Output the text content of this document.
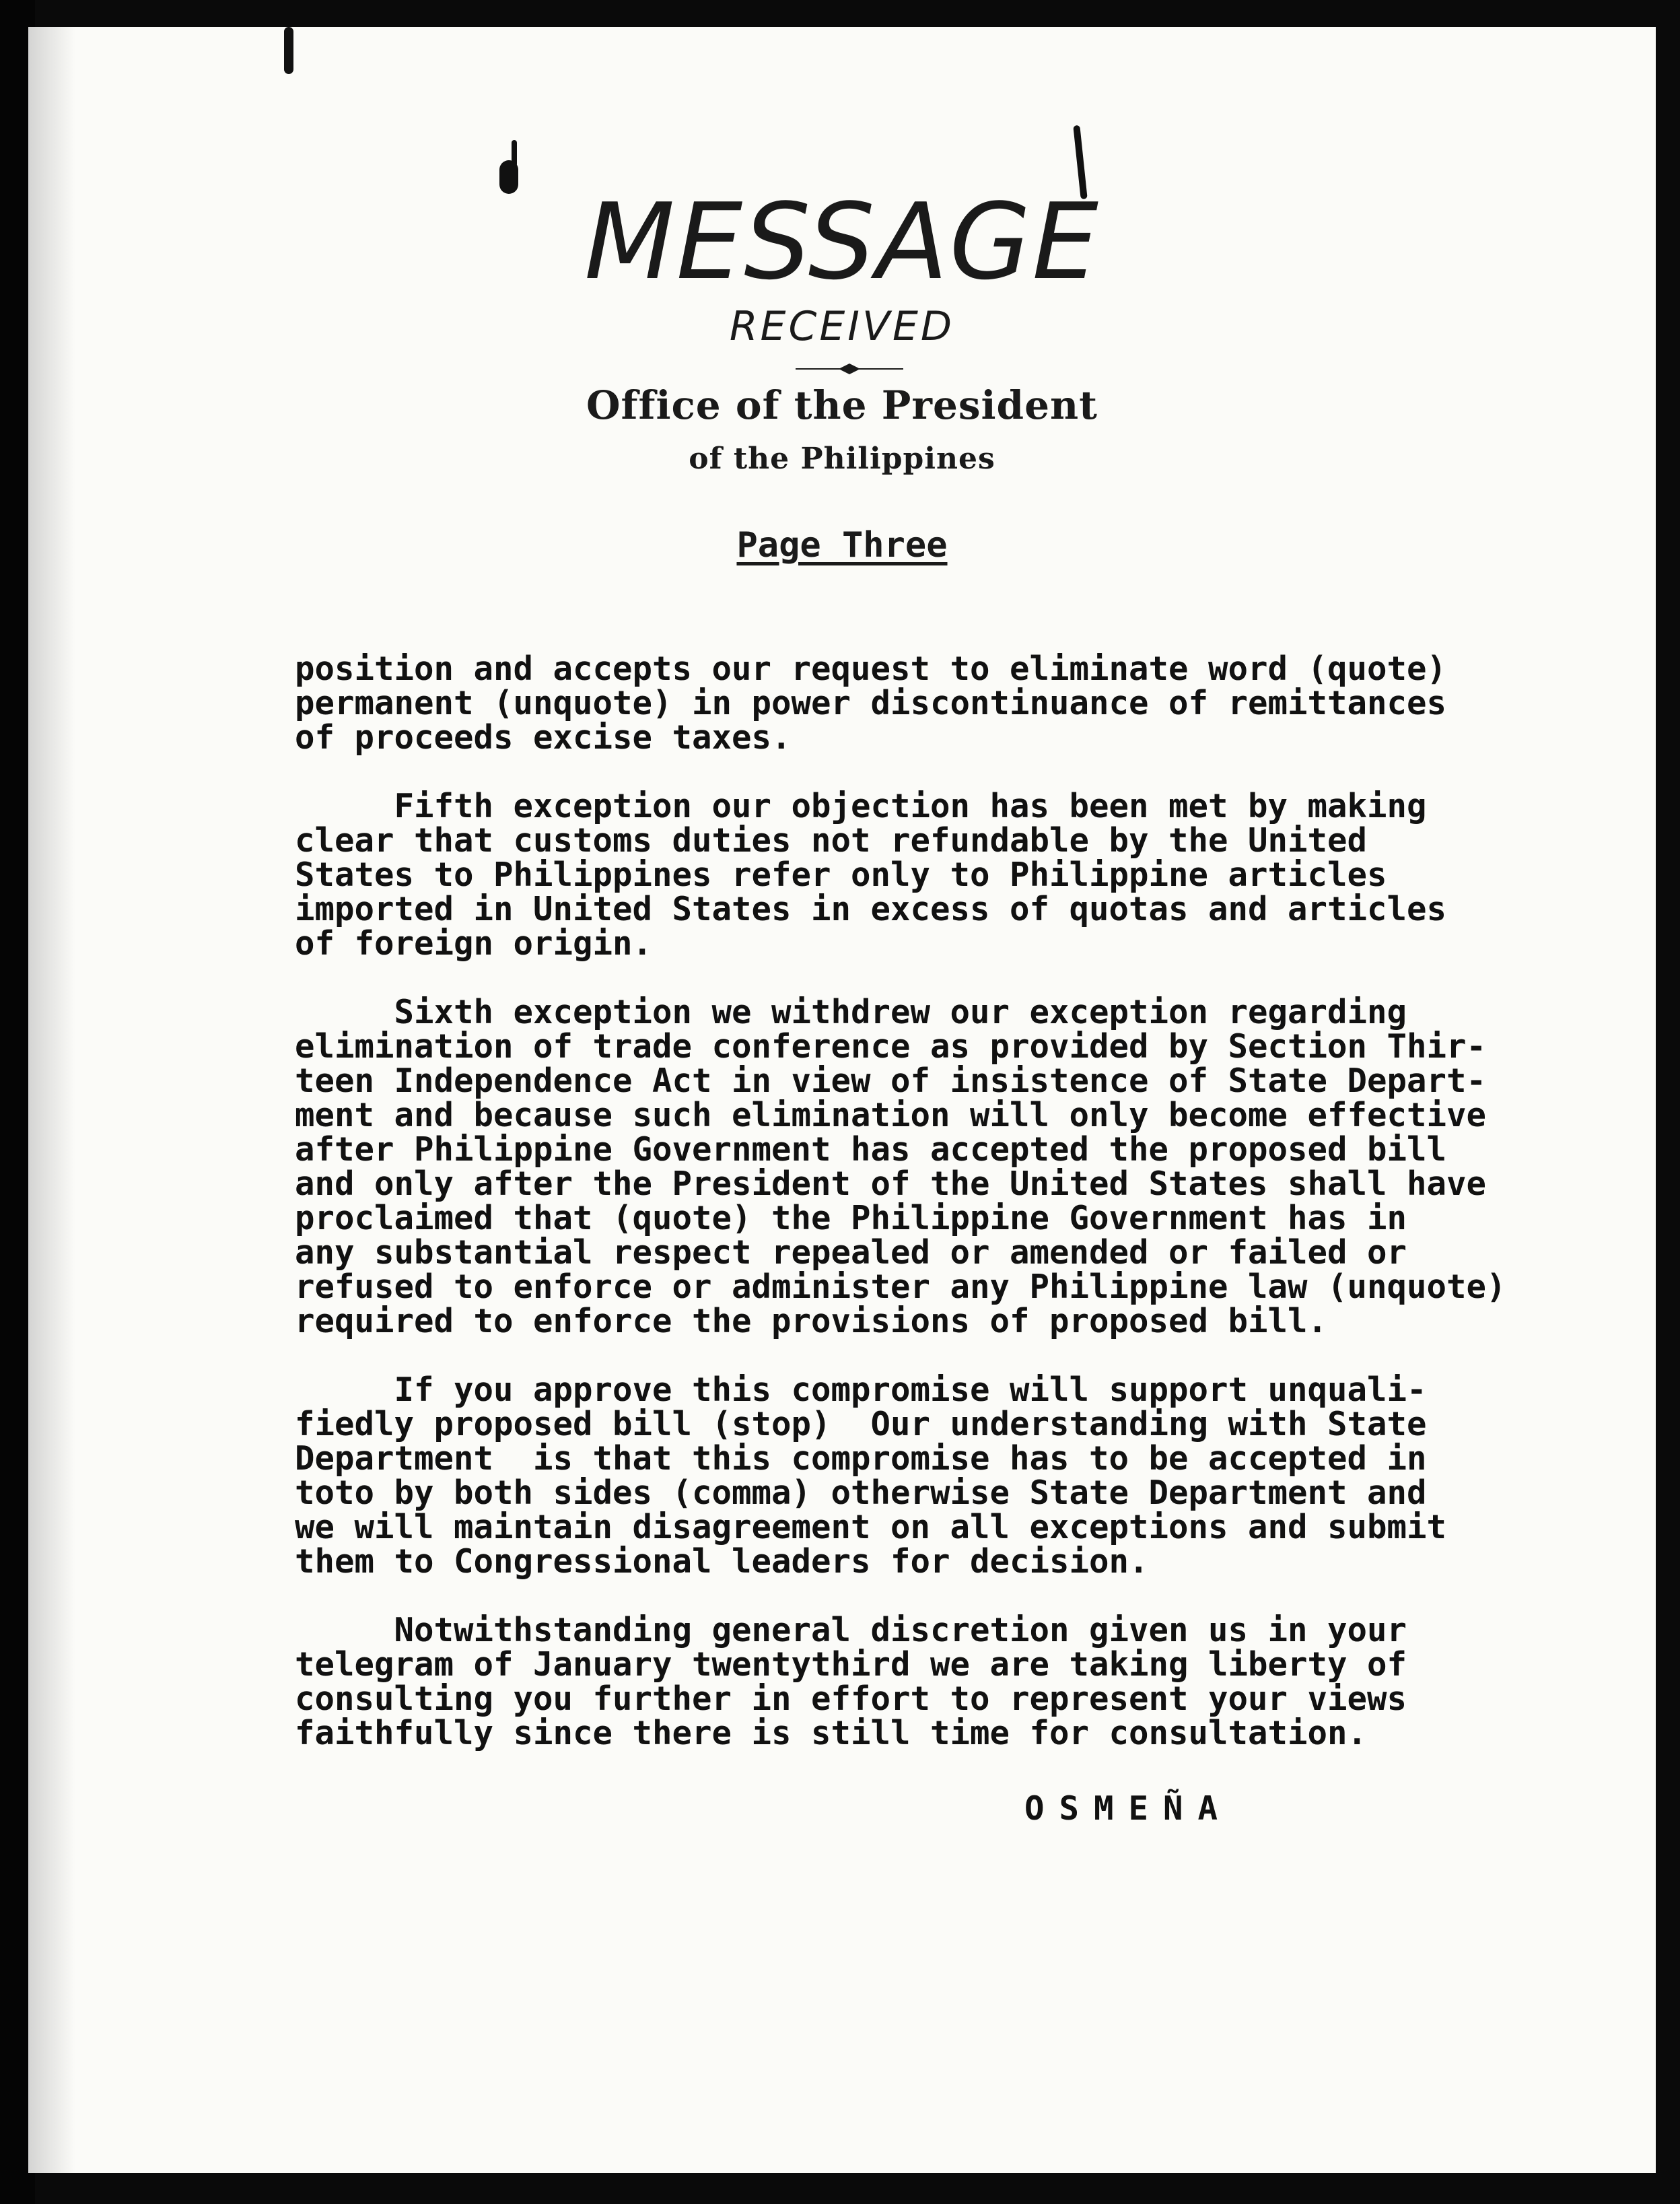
MESSAGE
RECEIVED
Office of the President
of the Philippines
Page Three

position and accepts our request to eliminate word (quote)
permanent (unquote) in power discontinuance of remittances
of proceeds excise taxes.

Fifth exception our objection has been met by making
clear that customs duties not refundable by the United
States to Philippines refer only to Philippine articles
imported in United States in excess of quotas and articles
of foreign origin.

Sixth exception we withdrew our exception regarding
elimination of trade conference as provided by Section Thir-
teen Independence Act in view of insistence of State Depart-
ment and because such elimination will only become effective
after Philippine Government has accepted the proposed bill
and only after the President of the United States shall have
proclaimed that (quote) the Philippine Government has in
any substantial respect repealed or amended or failed or
refused to enforce or administer any Philippine law (unquote)
required to enforce the provisions of proposed bill.

If you approve this compromise will support unquali-
fiedly proposed bill (stop)  Our understanding with State
Department  is that this compromise has to be accepted in
toto by both sides (comma) otherwise State Department and
we will maintain disagreement on all exceptions and submit
them to Congressional leaders for decision.

Notwithstanding general discretion given us in your
telegram of January twentythird we are taking liberty of
consulting you further in effort to represent your views
faithfully since there is still time for consultation.

OSMEÑA
